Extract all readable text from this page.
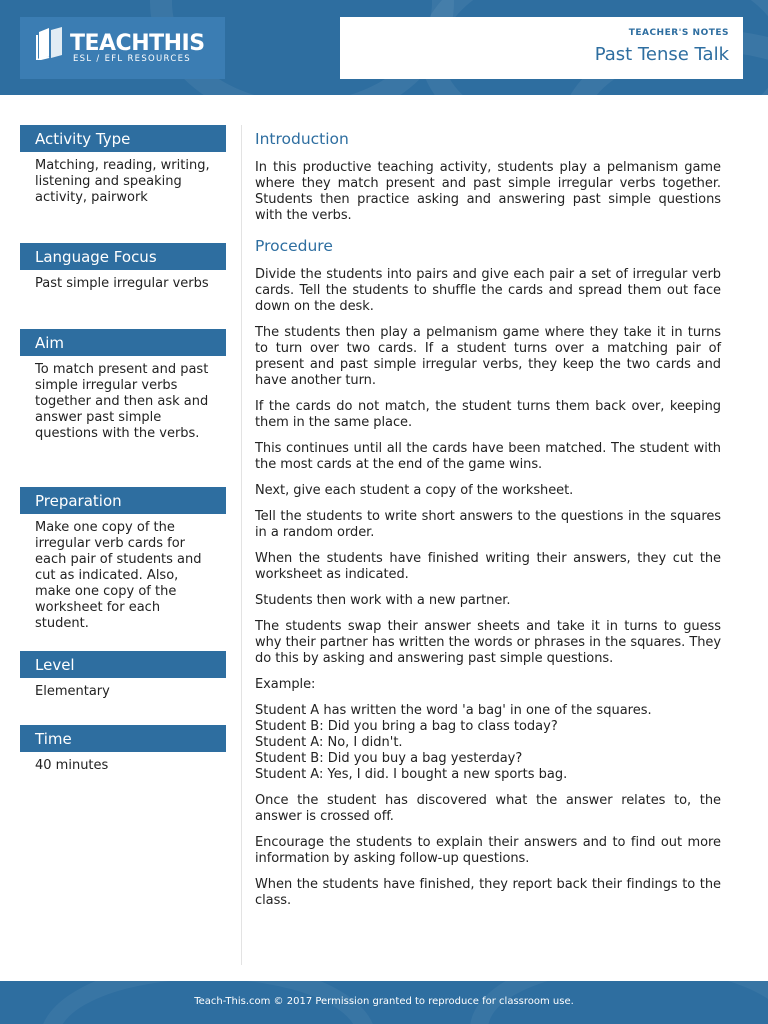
TEACHTHIS
ESL / EFL RESOURCES
TEACHER'S NOTES
Past Tense Talk
Activity Type
Matching, reading, writing, listening and speaking activity, pairwork
Language Focus
Past simple irregular verbs
Aim
To match present and past simple irregular verbs together and then ask and answer past simple questions with the verbs.
Preparation
Make one copy of the irregular verb cards for each pair of students and cut as indicated. Also, make one copy of the worksheet for each student.
Level
Elementary
Time
40 minutes
Introduction

In this productive teaching activity, students play a pelmanism game where they match present and past simple irregular verbs together. Students then practice asking and answering past simple questions with the verbs.

Procedure

Divide the students into pairs and give each pair a set of irregular verb cards. Tell the students to shuffle the cards and spread them out face down on the desk.

The students then play a pelmanism game where they take it in turns to turn over two cards. If a student turns over a matching pair of present and past simple irregular verbs, they keep the two cards and have another turn.

If the cards do not match, the student turns them back over, keeping them in the same place.

This continues until all the cards have been matched. The student with the most cards at the end of the game wins.

Next, give each student a copy of the worksheet.

Tell the students to write short answers to the questions in the squares in a random order.

When the students have finished writing their answers, they cut the worksheet as indicated.

Students then work with a new partner.

The students swap their answer sheets and take it in turns to guess why their partner has written the words or phrases in the squares. They do this by asking and answering past simple questions.

Example:

Student A has written the word 'a bag' in one of the squares.
Student B: Did you bring a bag to class today?
Student A: No, I didn't.
Student B: Did you buy a bag yesterday?
Student A: Yes, I did. I bought a new sports bag.

Once the student has discovered what the answer relates to, the answer is crossed off.

Encourage the students to explain their answers and to find out more information by asking follow-up questions.

When the students have finished, they report back their findings to the class.

Teach-This.com © 2017 Permission granted to reproduce for classroom use.
